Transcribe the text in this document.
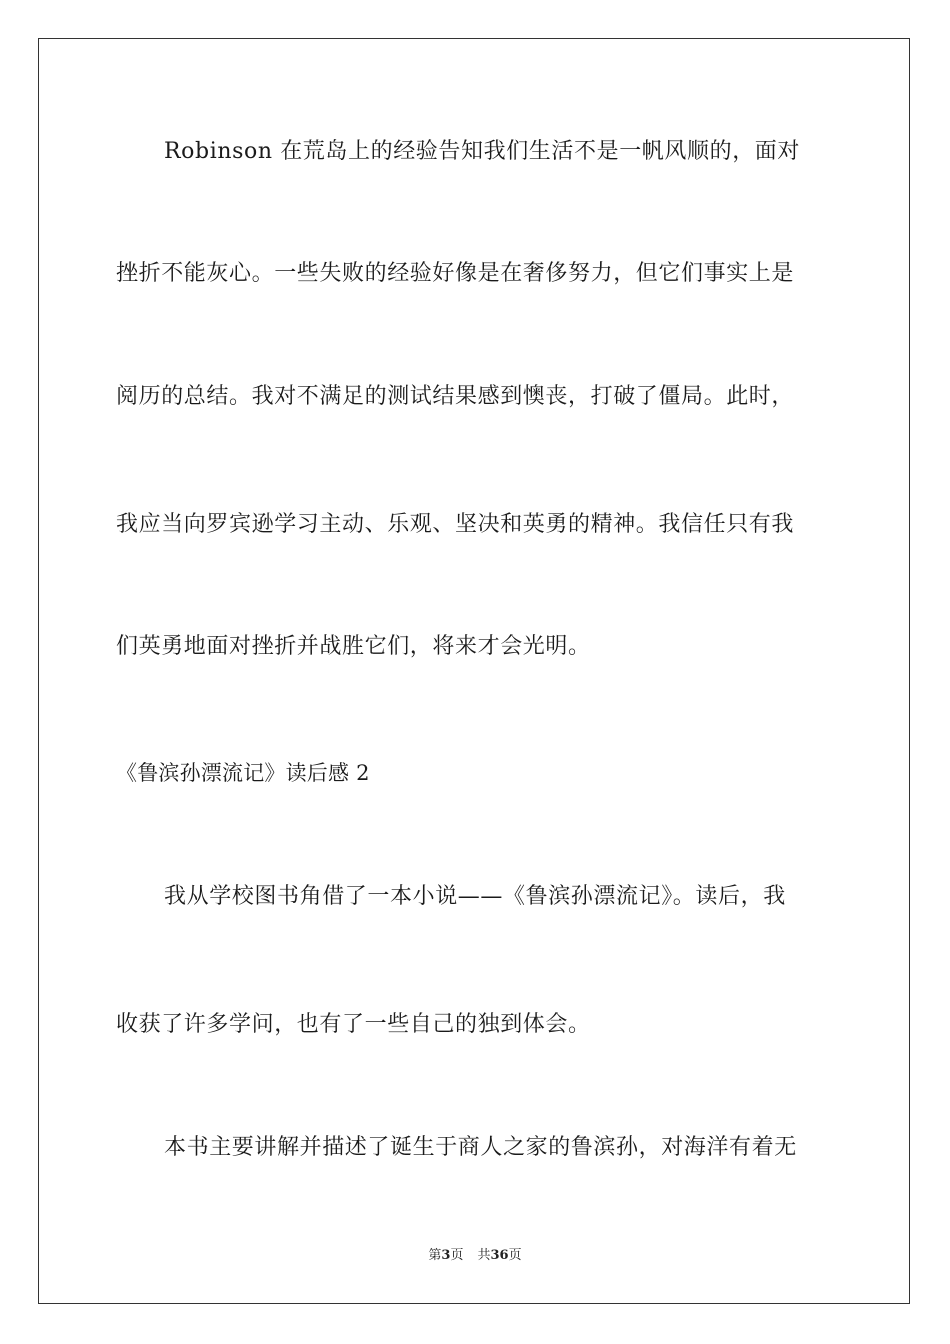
Robinson 在荒岛上的经验告知我们生活不是一帆风顺的，面对
挫折不能灰心。一些失败的经验好像是在奢侈努力，但它们事实上是
阅历的总结。我对不满足的测试结果感到懊丧，打破了僵局。此时，
我应当向罗宾逊学习主动、乐观、坚决和英勇的精神。我信任只有我
们英勇地面对挫折并战胜它们，将来才会光明。
《鲁滨孙漂流记》读后感 2
我从学校图书角借了一本小说——《鲁滨孙漂流记》。读后，我
收获了许多学问，也有了一些自己的独到体会。
本书主要讲解并描述了诞生于商人之家的鲁滨孙，对海洋有着无
第3页 共36页
